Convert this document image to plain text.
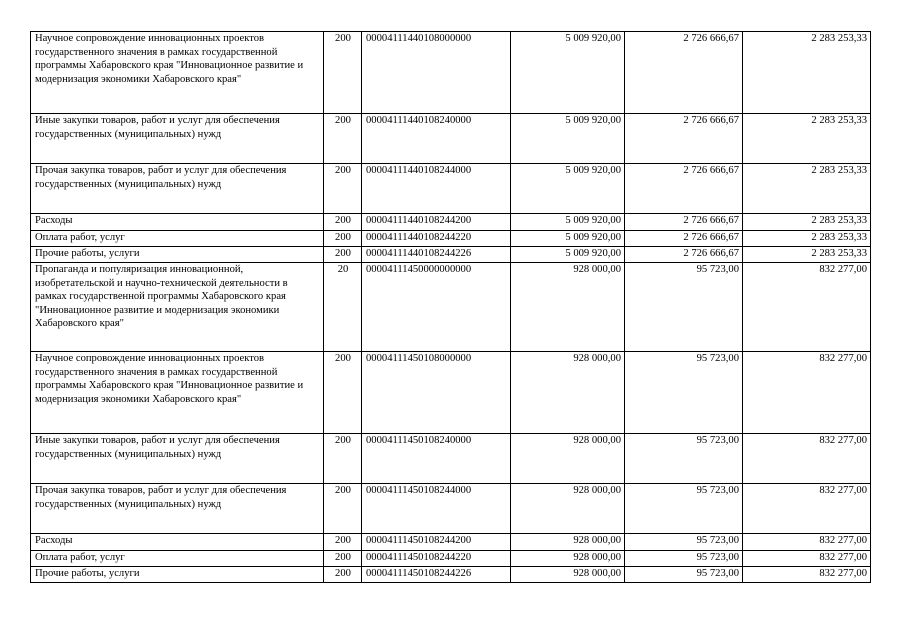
Научное сопровождение инновационных проектов государственного значения в рамках государственной программы Хабаровского края "Инновационное развитие и модернизация экономики Хабаровского края"	200	00004111440108000000	5 009 920,00	2 726 666,67	2 283 253,33
Иные закупки товаров, работ и услуг для обеспечения государственных (муниципальных) нужд	200	00004111440108240000	5 009 920,00	2 726 666,67	2 283 253,33
Прочая закупка товаров, работ и услуг для обеспечения государственных (муниципальных) нужд	200	00004111440108244000	5 009 920,00	2 726 666,67	2 283 253,33
Расходы	200	00004111440108244200	5 009 920,00	2 726 666,67	2 283 253,33
Оплата работ, услуг	200	00004111440108244220	5 009 920,00	2 726 666,67	2 283 253,33
Прочие работы, услуги	200	00004111440108244226	5 009 920,00	2 726 666,67	2 283 253,33
Пропаганда и популяризация инновационной, изобретательской и научно-технической деятельности в рамках государственной программы Хабаровского края "Инновационное развитие и модернизация экономики Хабаровского края"	20	00004111450000000000	928 000,00	95 723,00	832 277,00
Научное сопровождение инновационных проектов государственного значения в рамках государственной программы Хабаровского края "Инновационное развитие и модернизация экономики Хабаровского края"	200	00004111450108000000	928 000,00	95 723,00	832 277,00
Иные закупки товаров, работ и услуг для обеспечения государственных (муниципальных) нужд	200	00004111450108240000	928 000,00	95 723,00	832 277,00
Прочая закупка товаров, работ и услуг для обеспечения государственных (муниципальных) нужд	200	00004111450108244000	928 000,00	95 723,00	832 277,00
Расходы	200	00004111450108244200	928 000,00	95 723,00	832 277,00
Оплата работ, услуг	200	00004111450108244220	928 000,00	95 723,00	832 277,00
Прочие работы, услуги	200	00004111450108244226	928 000,00	95 723,00	832 277,00
